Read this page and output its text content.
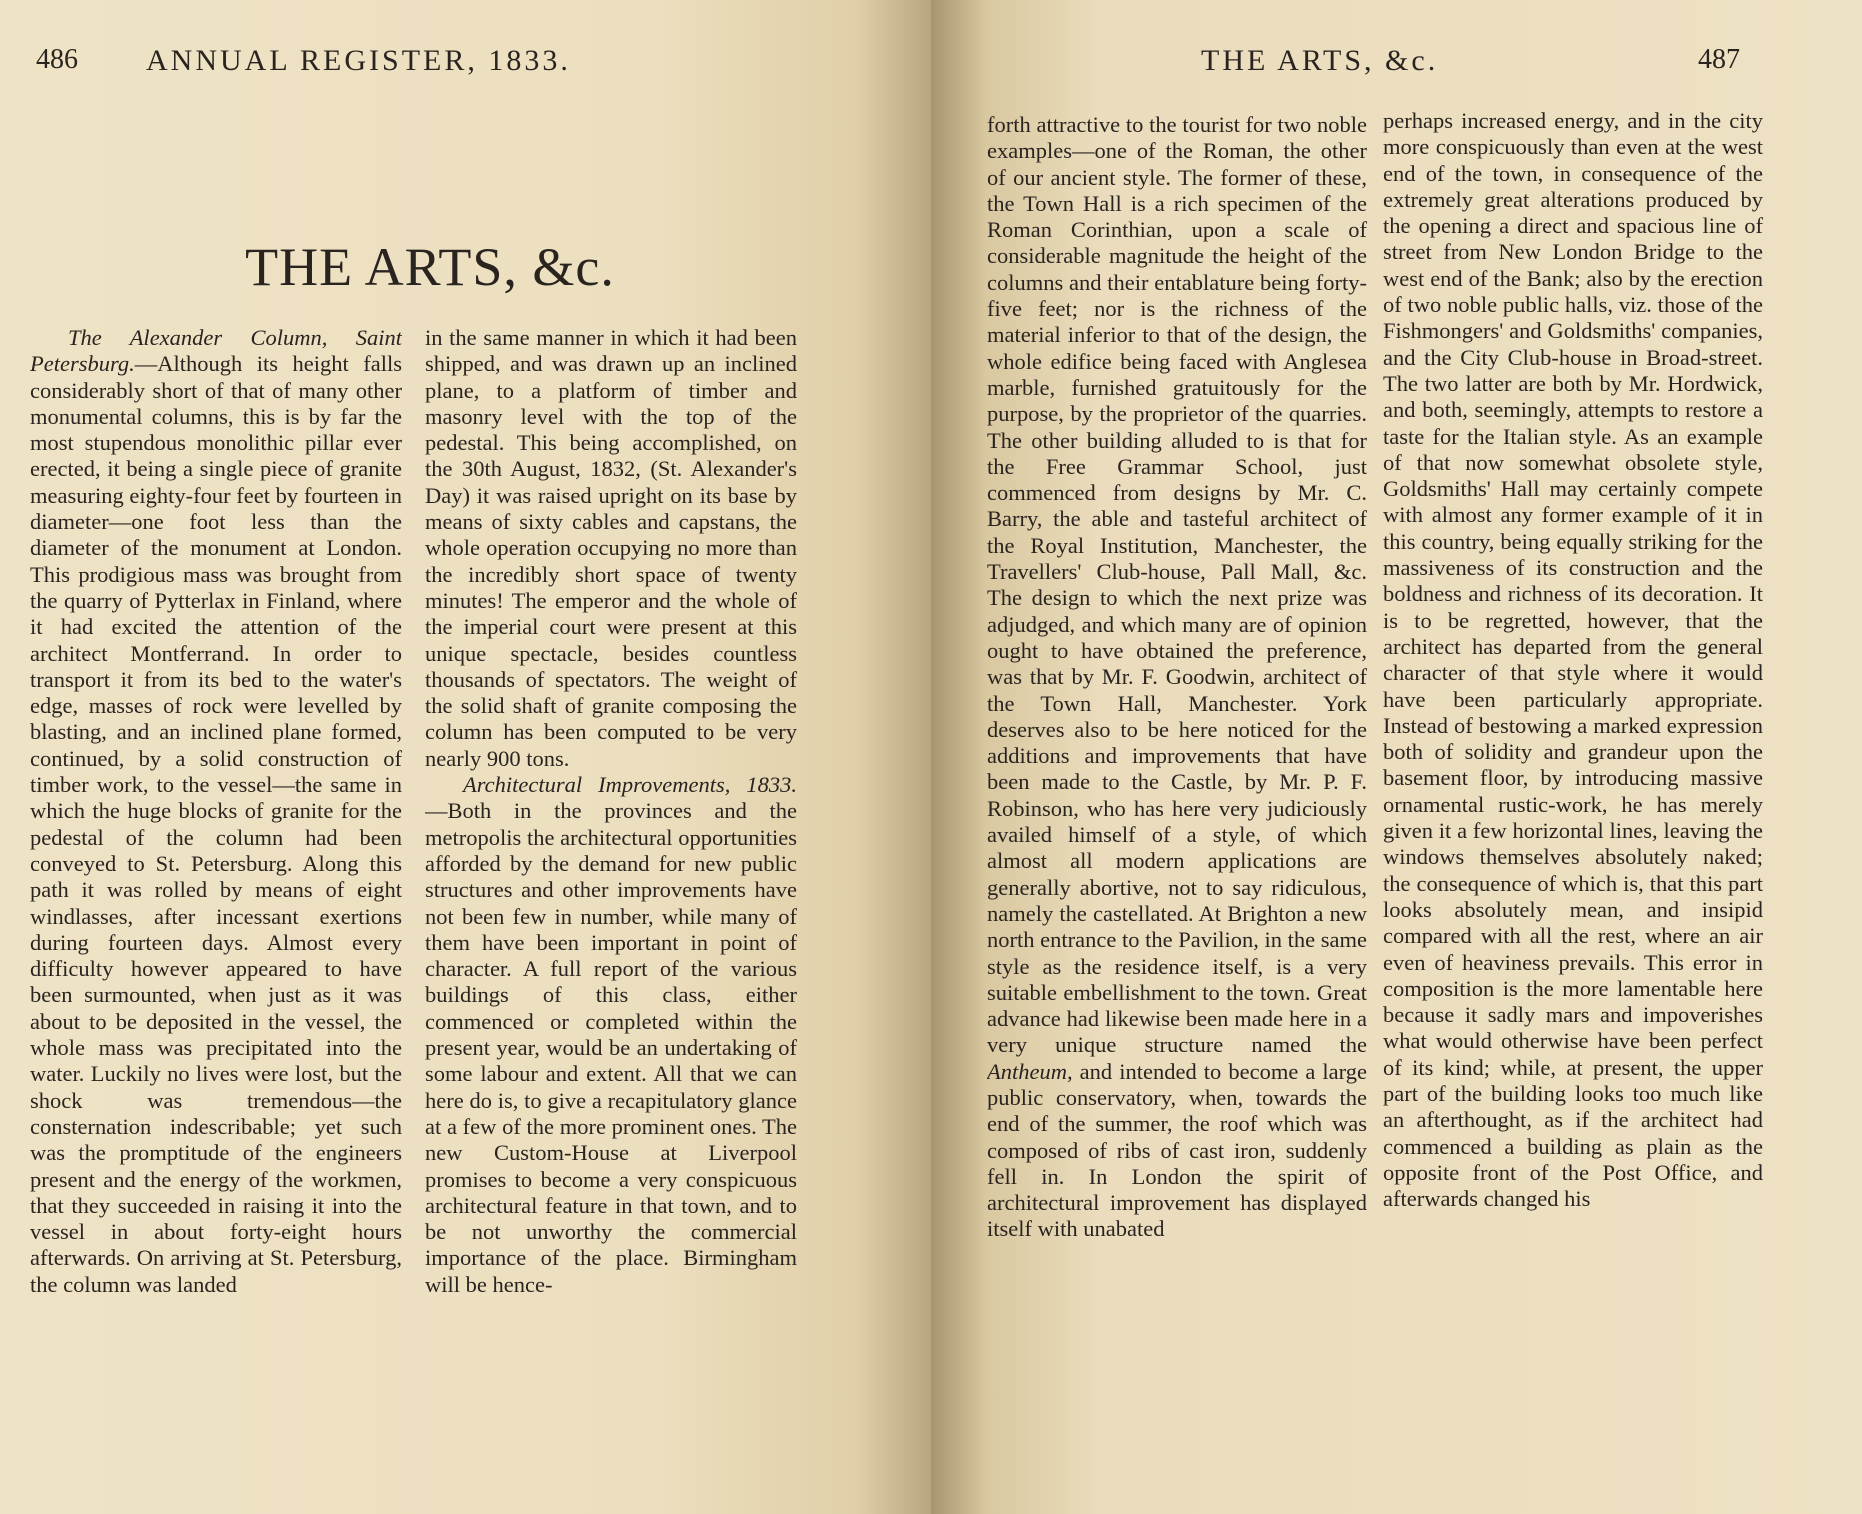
486 ANNUAL REGISTER, 1833.
THE ARTS, &c.

The Alexander Column, Saint Petersburg.—Although its height falls considerably short of that of many other monumental columns, this is by far the most stupendous monolithic pillar ever erected, it being a single piece of granite measuring eighty-four feet by fourteen in diameter—one foot less than the diameter of the monument at London. This prodigious mass was brought from the quarry of Pytterlax in Finland, where it had excited the attention of the architect Montferrand. In order to transport it from its bed to the water's edge, masses of rock were levelled by blasting, and an inclined plane formed, continued, by a solid construction of timber work, to the vessel—the same in which the huge blocks of granite for the pedestal of the column had been conveyed to St. Petersburg. Along this path it was rolled by means of eight windlasses, after incessant exertions during fourteen days. Almost every difficulty however appeared to have been surmounted, when just as it was about to be deposited in the vessel, the whole mass was precipitated into the water. Luckily no lives were lost, but the shock was tremendous—the consternation indescribable; yet such was the promptitude of the engineers present and the energy of the workmen, that they succeeded in raising it into the vessel in about forty-eight hours afterwards. On arriving at St. Petersburg, the column was landed

in the same manner in which it had been shipped, and was drawn up an inclined plane, to a platform of timber and masonry level with the top of the pedestal. This being accomplished, on the 30th August, 1832, (St. Alexander's Day) it was raised upright on its base by means of sixty cables and capstans, the whole operation occupying no more than the incredibly short space of twenty minutes! The emperor and the whole of the imperial court were present at this unique spectacle, besides countless thousands of spectators. The weight of the solid shaft of granite composing the column has been computed to be very nearly 900 tons.

Architectural Improvements, 1833.—Both in the provinces and the metropolis the architectural opportunities afforded by the demand for new public structures and other improvements have not been few in number, while many of them have been important in point of character. A full report of the various buildings of this class, either commenced or completed within the present year, would be an undertaking of some labour and extent. All that we can here do is, to give a recapitulatory glance at a few of the more prominent ones. The new Custom-House at Liverpool promises to become a very conspicuous architectural feature in that town, and to be not unworthy the commercial importance of the place. Birmingham will be hence-

THE ARTS, &c.	487

forth attractive to the tourist for two noble examples—one of the Roman, the other of our ancient style. The former of these, the Town Hall is a rich specimen of the Roman Corinthian, upon a scale of considerable magnitude the height of the columns and their entablature being forty-five feet; nor is the richness of the material inferior to that of the design, the whole edifice being faced with Anglesea marble, furnished gratuitously for the purpose, by the proprietor of the quarries. The other building alluded to is that for the Free Grammar School, just commenced from designs by Mr. C. Barry, the able and tasteful architect of the Royal Institution, Manchester, the Travellers' Club-house, Pall Mall, &c. The design to which the next prize was adjudged, and which many are of opinion ought to have obtained the preference, was that by Mr. F. Goodwin, architect of the Town Hall, Manchester. York deserves also to be here noticed for the additions and improvements that have been made to the Castle, by Mr. P. F. Robinson, who has here very judiciously availed himself of a style, of which almost all modern applications are generally abortive, not to say ridiculous, namely the castellated. At Brighton a new north entrance to the Pavilion, in the same style as the residence itself, is a very suitable embellishment to the town. Great advance had likewise been made here in a very unique structure named the Antheum, and intended to become a large public conservatory, when, towards the end of the summer, the roof which was composed of ribs of cast iron, suddenly fell in. In London the spirit of architectural improvement has displayed itself with unabated

perhaps increased energy, and in the city more conspicuously than even at the west end of the town, in consequence of the extremely great alterations produced by the opening a direct and spacious line of street from New London Bridge to the west end of the Bank; also by the erection of two noble public halls, viz. those of the Fishmongers' and Goldsmiths' companies, and the City Club-house in Broad-street. The two latter are both by Mr. Hordwick, and both, seemingly, attempts to restore a taste for the Italian style. As an example of that now somewhat obsolete style, Goldsmiths' Hall may certainly compete with almost any former example of it in this country, being equally striking for the massiveness of its construction and the boldness and richness of its decoration. It is to be regretted, however, that the architect has departed from the general character of that style where it would have been particularly appropriate. Instead of bestowing a marked expression both of solidity and grandeur upon the basement floor, by introducing massive ornamental rustic-work, he has merely given it a few horizontal lines, leaving the windows themselves absolutely naked; the consequence of which is, that this part looks absolutely mean, and insipid compared with all the rest, where an air even of heaviness prevails. This error in composition is the more lamentable here because it sadly mars and impoverishes what would otherwise have been perfect of its kind; while, at present, the upper part of the building looks too much like an afterthought, as if the architect had commenced a building as plain as the opposite front of the Post Office, and afterwards changed his
